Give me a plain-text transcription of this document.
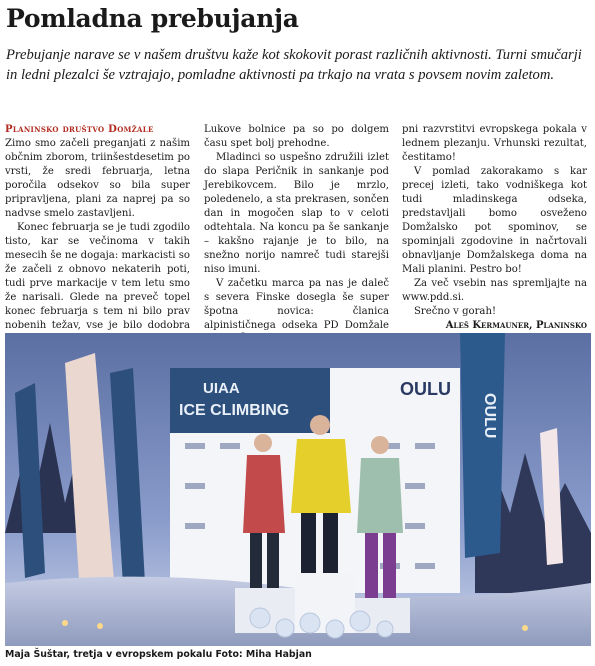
Pomladna prebujanja
Prebujanje narave se v našem društvu kaže kot skokovit porast različnih aktivnosti. Turni smučarji in ledni plezalci še vztrajajo, pomladne aktivnosti pa trkajo na vrata s povsem novim zaletom.
Planinsko društvo Domžale

Zimo smo začeli preganjati z našim občnim zborom, triinšestdesetim po vrsti, že sredi februarja, letna poročila odsekov so bila super pripravljena, plani za naprej pa so nadvse smelo zastavljeni.

Konec februarja se je tudi zgodilo tisto, kar se večinoma v takih mesecih še ne dogaja: markacisti so že začeli z obnovo nekaterih poti, tudi prve markacije v tem letu smo že narisali. Glede na preveč topel konec februarja s tem ni bilo prav nobenih težav, vse je bilo dodobra

Lukove bolnice pa so po dolgem času spet bolj prehodne.

Mladinci so uspešno združili izlet do slapa Peričnik in sankanje pod Jerebikovcem. Bilo je mrzlo, poledenelo, a sta prekrasen, sončen dan in mogočen slap to v celoti odtehtala. Na koncu pa še sankanje – kakšno rajanje je to bilo, na snežno norijo namreč tudi starejši niso imuni.

V začetku marca pa nas je daleč s severa Finske dosegla še super špotna novica: članica alpinističnega odseka PD Domžale

pni razvrstitvi evropskega pokala v lednem plezanju. Vrhunski rezultat, čestitamo!

V pomlad zakorakamo s kar precej izleti, tako vodniškega kot tudi mladinskega odseka, predstavljali bomo osveženo Domžalsko pot spominov, se spominjali zgodovine in načrtovali obnavljanje Domžalskega doma na Mali planini. Pestro bo!

Za več vsebin nas spremljajte na www.pdd.si.

Srečno v gorah!

Aleš Kermauner, Planinsko

OULU
UIAA
ICE CLIMBING
OULU
Maja Šuštar, tretja v evropskem pokalu Foto: Miha Habjan
